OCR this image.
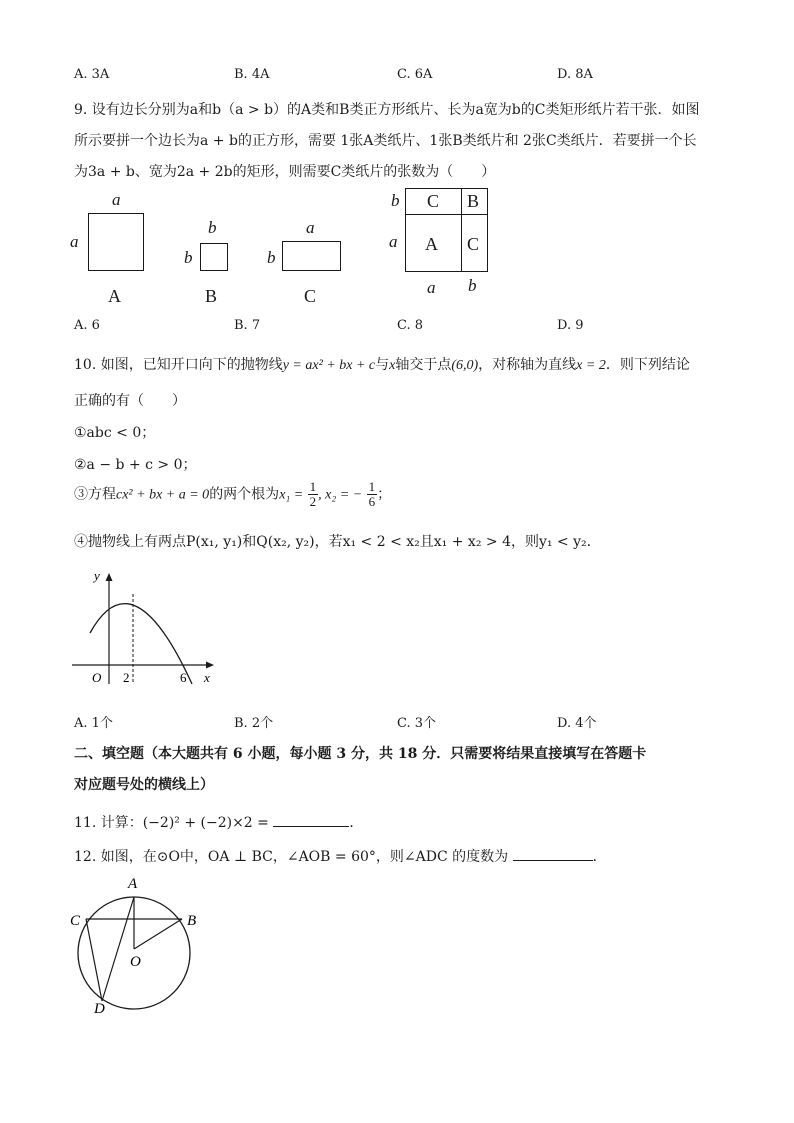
A. 3A	B. 4A	C. 6A	D. 8A
9. 设有边长分别为a和b（a > b）的A类和B类正方形纸片、长为a宽为b的C类矩形纸片若干张．如图
所示要拼一个边长为a + b的正方形，需要 1张A类纸片、1张B类纸片和 2张C类纸片．若要拼一个长
为3a + b、宽为2a + 2b的矩形，则需要C类纸片的张数为（　　）
a
a
A
b
b
B
a
b
C
b
a
C B
A C
a b
A. 6	B. 7	C. 8	D. 9
10. 如图，已知开口向下的抛物线y = ax² + bx + c与x轴交于点(6,0)，对称轴为直线x = 2．则下列结论
正确的有（　　）
①abc < 0；
②a − b + c > 0；
③方程cx² + bx + a = 0的两个根为$x_1 = \frac{1}{2}$ , x₂ = − $\frac{1}{6}$ ；
④抛物线上有两点P(x₁, y₁)和Q(x₂, y₂)，若x₁ < 2 < x₂且x₁ + x₂ > 4，则y₁ < y₂．
y
x
O 2	6
A. 1个	B. 2个	C. 3个	D. 4个
二、填空题（本大题共有 6 小题，每小题 3 分，共 18 分．只需要将结果直接填写在答题卡
对应题号处的横线上）
11. 计算：(−2)² + (−2)×2 =	．
12. 如图，在⊙O中，OA ⊥ BC，∠AOB = 60°，则∠ADC 的度数为	．
A
C	B
O
D
